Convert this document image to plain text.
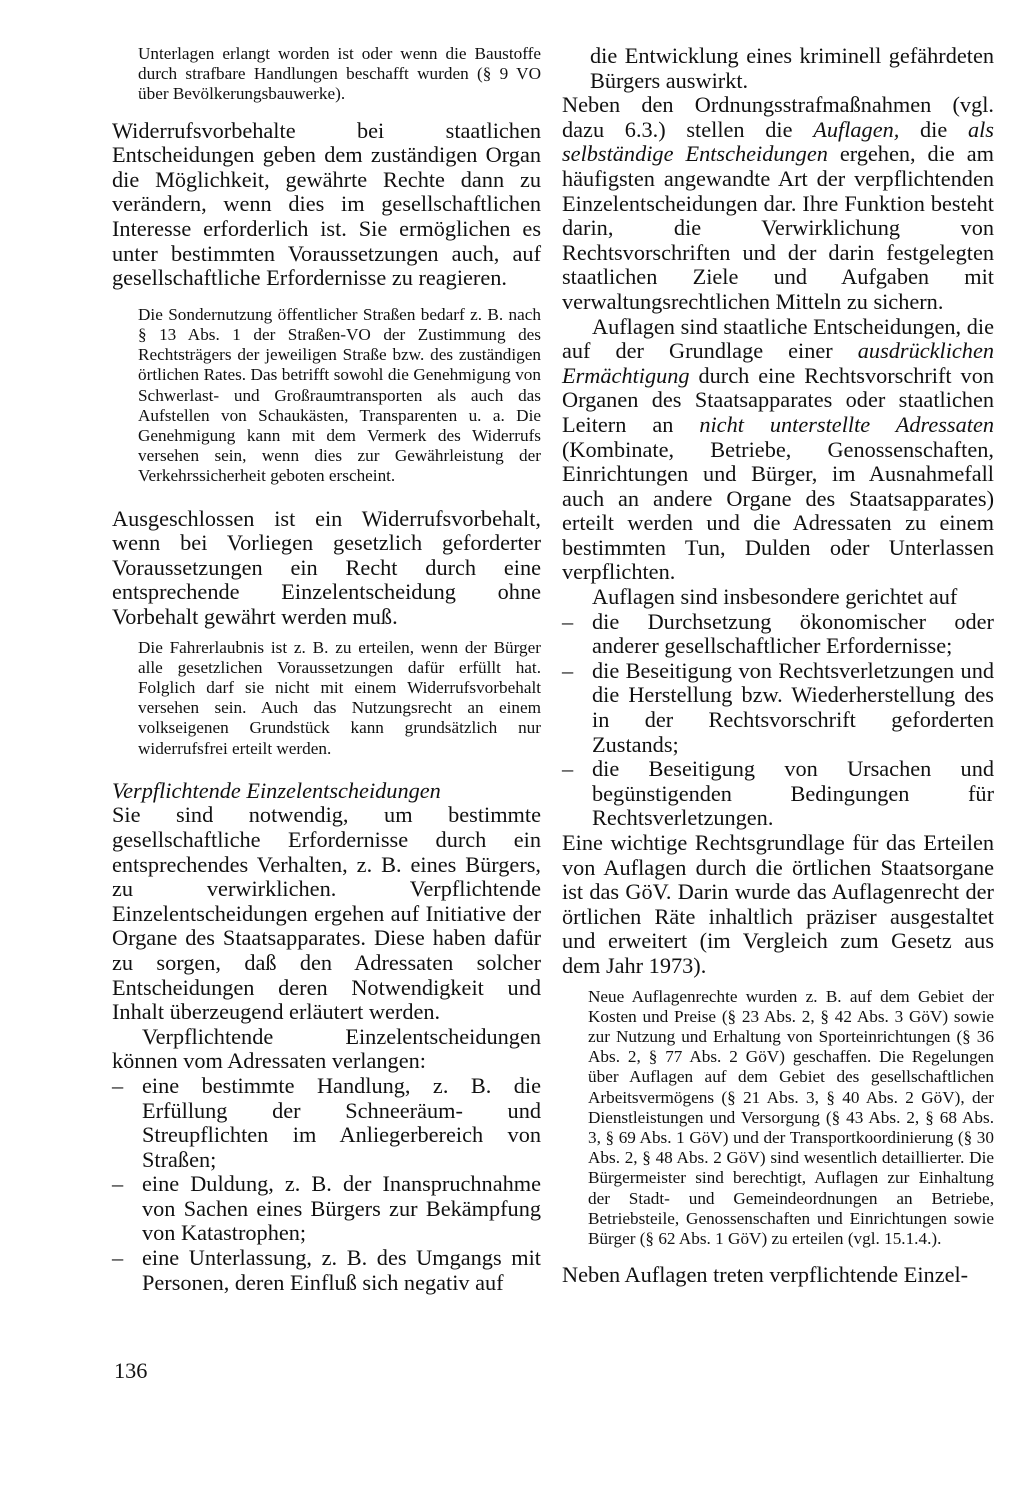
Unterlagen erlangt worden ist oder wenn die Baustoffe durch strafbare Handlungen beschafft wurden (§ 9 VO über Bevölkerungsbauwerke).

Widerrufsvorbehalte bei staatlichen Entscheidungen geben dem zuständigen Organ die Möglichkeit, gewährte Rechte dann zu verändern, wenn dies im gesellschaftlichen Interesse erforderlich ist. Sie ermöglichen es unter bestimmten Voraussetzungen auch, auf gesellschaftliche Erfordernisse zu reagieren.

Die Sondernutzung öffentlicher Straßen bedarf z. B. nach § 13 Abs. 1 der Straßen-VO der Zustimmung des Rechtsträgers der jeweiligen Straße bzw. des zuständigen örtlichen Rates. Das betrifft sowohl die Genehmigung von Schwerlast- und Großraumtransporten als auch das Aufstellen von Schaukästen, Transparenten u. a. Die Genehmigung kann mit dem Vermerk des Widerrufs versehen sein, wenn dies zur Gewährleistung der Verkehrssicherheit geboten erscheint.

Ausgeschlossen ist ein Widerrufsvorbehalt, wenn bei Vorliegen gesetzlich geforderter Voraussetzungen ein Recht durch eine entsprechende Einzelentscheidung ohne Vorbehalt gewährt werden muß.

Die Fahrerlaubnis ist z. B. zu erteilen, wenn der Bürger alle gesetzlichen Voraussetzungen dafür erfüllt hat. Folglich darf sie nicht mit einem Widerrufsvorbehalt versehen sein. Auch das Nutzungsrecht an einem volkseigenen Grundstück kann grundsätzlich nur widerrufsfrei erteilt werden.

Verpflichtende Einzelentscheidungen

Sie sind notwendig, um bestimmte gesellschaftliche Erfordernisse durch ein entsprechendes Verhalten, z. B. eines Bürgers, zu verwirklichen. Verpflichtende Einzelentscheidungen ergehen auf Initiative der Organe des Staatsapparates. Diese haben dafür zu sorgen, daß den Adressaten solcher Entscheidungen deren Notwendigkeit und Inhalt überzeugend erläutert werden.

Verpflichtende Einzelentscheidungen können vom Adressaten verlangen:

– eine bestimmte Handlung, z. B. die Erfüllung der Schneeräum- und Streupflichten im Anliegerbereich von Straßen;
– eine Duldung, z. B. der Inanspruchnahme von Sachen eines Bürgers zur Bekämpfung von Katastrophen;
– eine Unterlassung, z. B. des Umgangs mit Personen, deren Einfluß sich negativ auf

die Entwicklung eines kriminell gefährdeten Bürgers auswirkt.

Neben den Ordnungsstrafmaßnahmen (vgl. dazu 6.3.) stellen die Auflagen, die als selbständige Entscheidungen ergehen, die am häufigsten angewandte Art der verpflichtenden Einzelentscheidungen dar. Ihre Funktion besteht darin, die Verwirklichung von Rechtsvorschriften und der darin festgelegten staatlichen Ziele und Aufgaben mit verwaltungsrechtlichen Mitteln zu sichern.

Auflagen sind staatliche Entscheidungen, die auf der Grundlage einer ausdrücklichen Ermächtigung durch eine Rechtsvorschrift von Organen des Staatsapparates oder staatlichen Leitern an nicht unterstellte Adressaten (Kombinate, Betriebe, Genossenschaften, Einrichtungen und Bürger, im Ausnahmefall auch an andere Organe des Staatsapparates) erteilt werden und die Adressaten zu einem bestimmten Tun, Dulden oder Unterlassen verpflichten.

Auflagen sind insbesondere gerichtet auf

– die Durchsetzung ökonomischer oder anderer gesellschaftlicher Erfordernisse;
– die Beseitigung von Rechtsverletzungen und die Herstellung bzw. Wiederherstellung des in der Rechtsvorschrift geforderten Zustands;
– die Beseitigung von Ursachen und begünstigenden Bedingungen für Rechtsverletzungen.

Eine wichtige Rechtsgrundlage für das Erteilen von Auflagen durch die örtlichen Staatsorgane ist das GöV. Darin wurde das Auflagenrecht der örtlichen Räte inhaltlich präziser ausgestaltet und erweitert (im Vergleich zum Gesetz aus dem Jahr 1973).

Neue Auflagenrechte wurden z. B. auf dem Gebiet der Kosten und Preise (§ 23 Abs. 2, § 42 Abs. 3 GöV) sowie zur Nutzung und Erhaltung von Sporteinrichtungen (§ 36 Abs. 2, § 77 Abs. 2 GöV) geschaffen. Die Regelungen über Auflagen auf dem Gebiet des gesellschaftlichen Arbeitsvermögens (§ 21 Abs. 3, § 40 Abs. 2 GöV), der Dienstleistungen und Versorgung (§ 43 Abs. 2, § 68 Abs. 3, § 69 Abs. 1 GöV) und der Transportkoordinierung (§ 30 Abs. 2, § 48 Abs. 2 GöV) sind wesentlich detaillierter. Die Bürgermeister sind berechtigt, Auflagen zur Einhaltung der Stadt- und Gemeindeordnungen an Betriebe, Betriebsteile, Genossenschaften und Einrichtungen sowie Bürger (§ 62 Abs. 1 GöV) zu erteilen (vgl. 15.1.4.).

Neben Auflagen treten verpflichtende Einzel-

136
